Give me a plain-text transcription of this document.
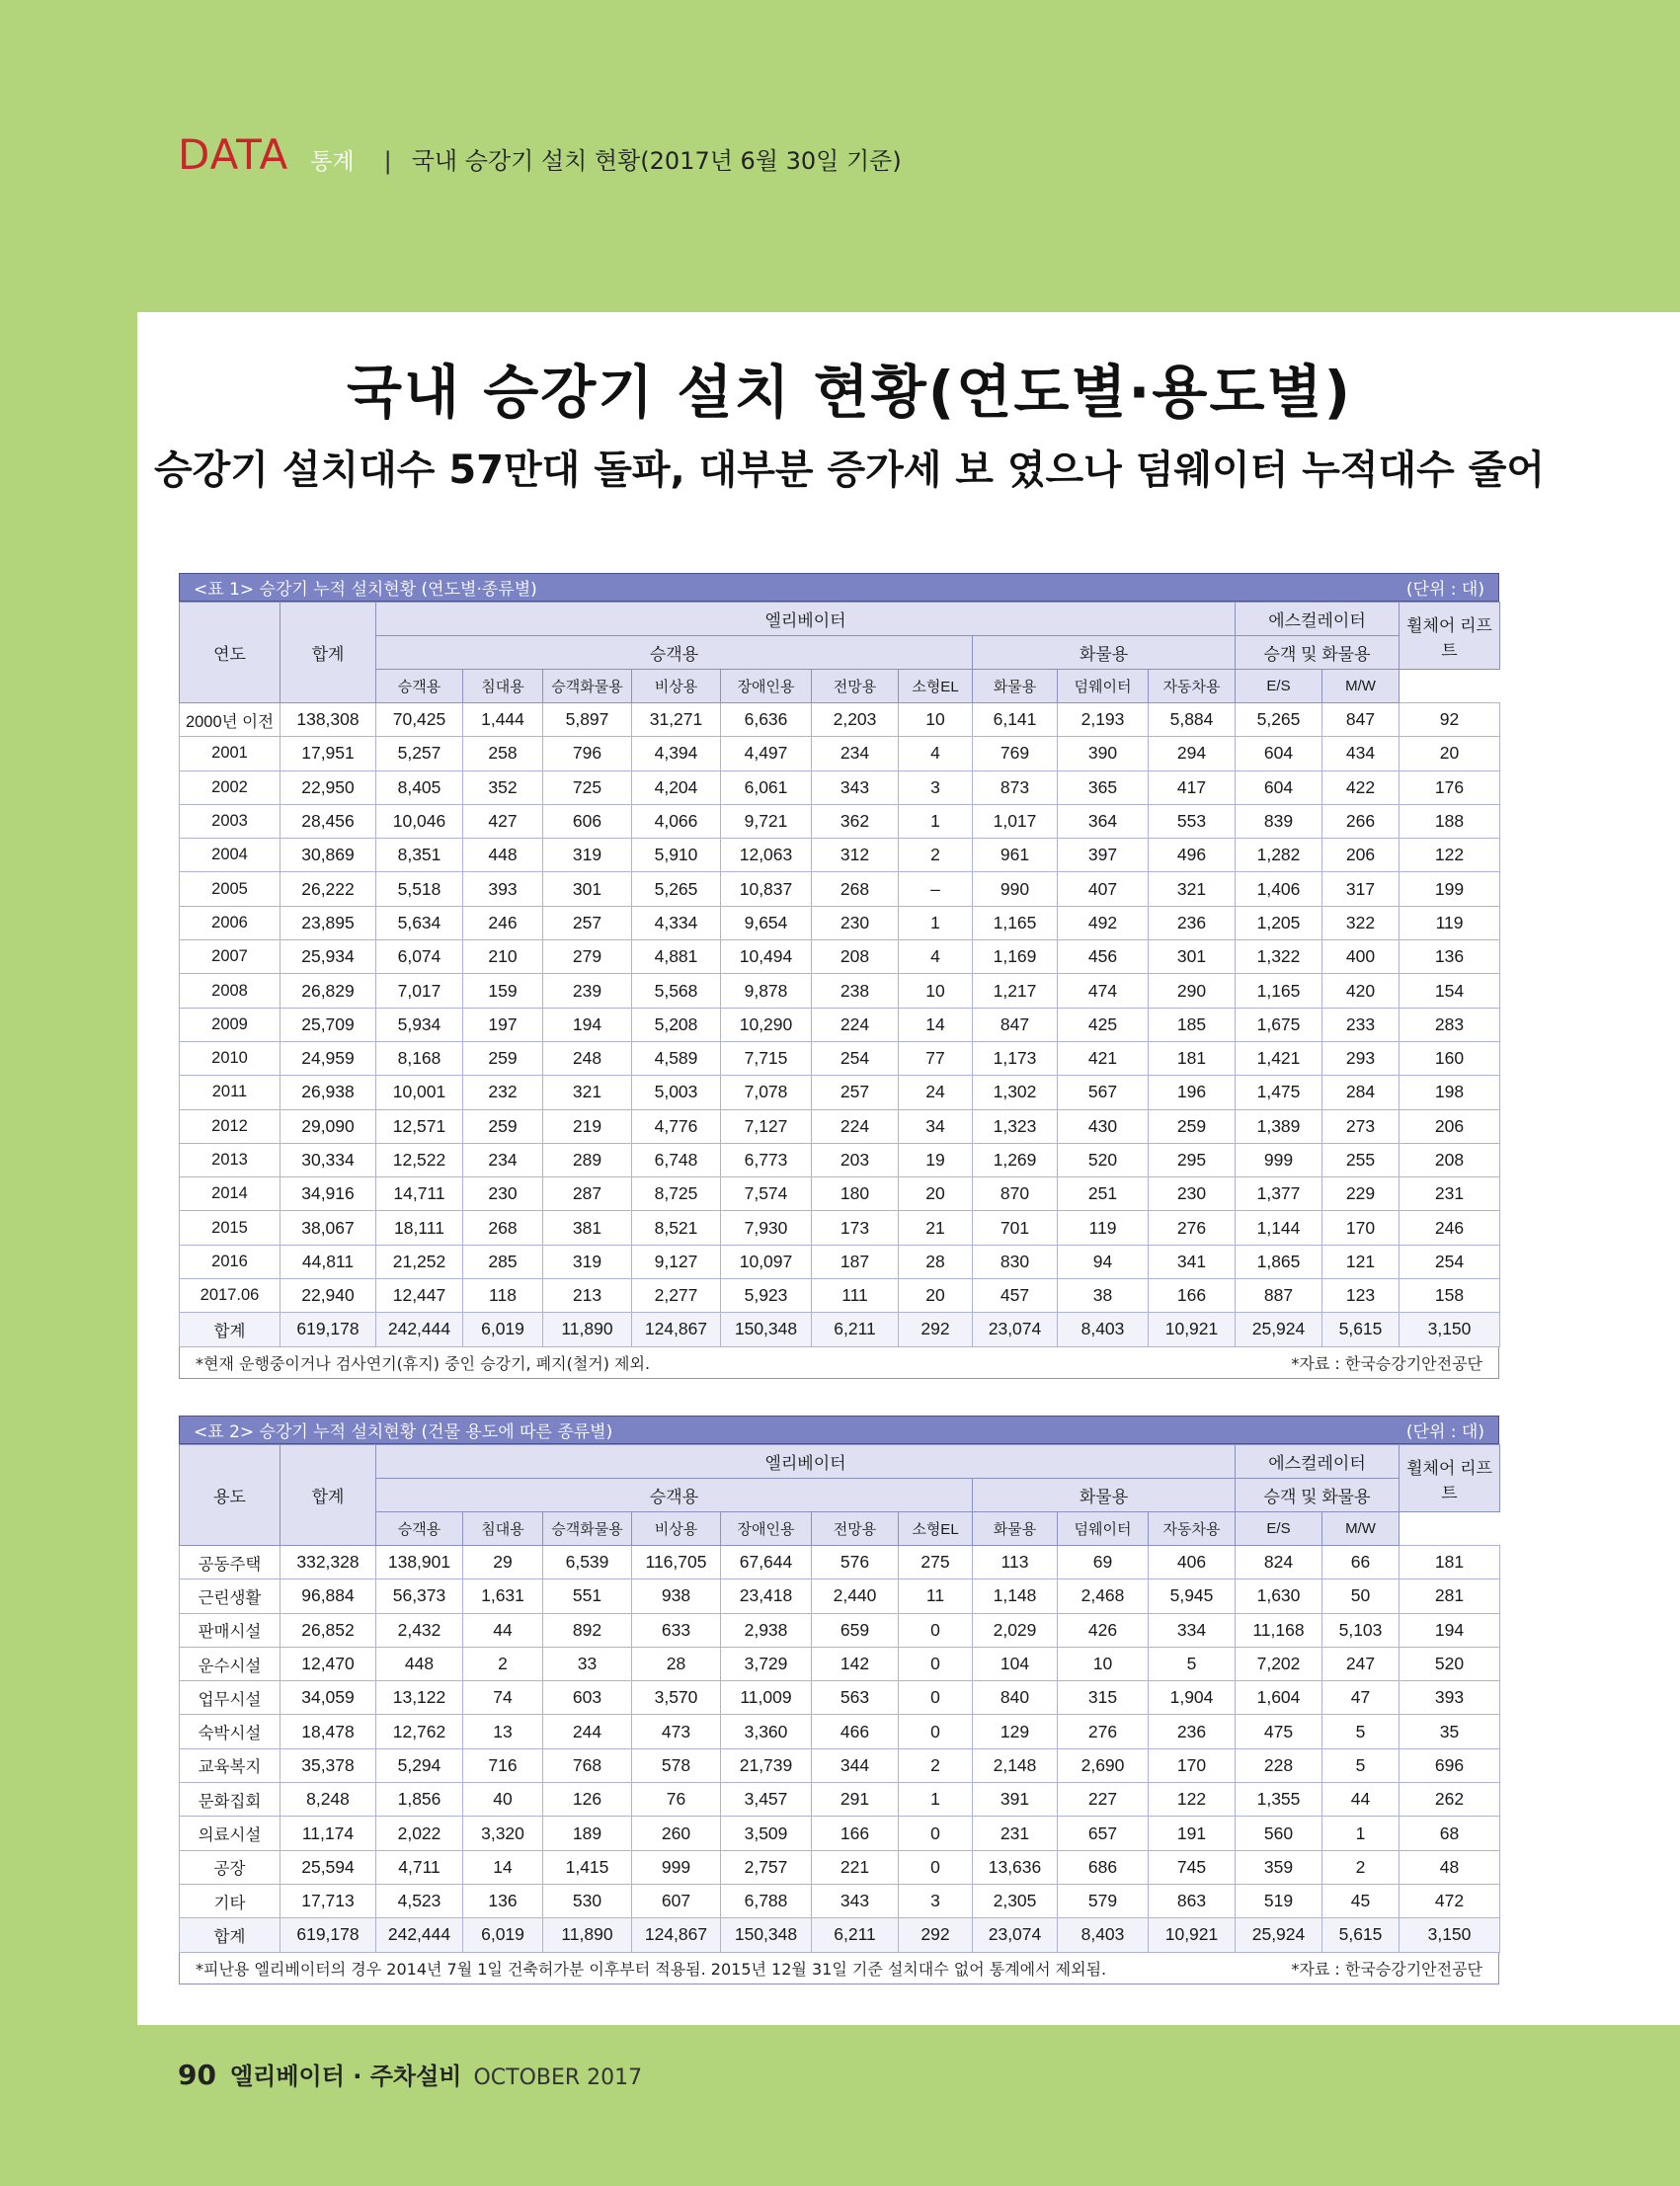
DATA 통계 | 국내 승강기 설치 현황(2017년 6월 30일 기준)
국내 승강기 설치 현황(연도별·용도별)
승강기 설치대수 57만대 돌파, 대부분 증가세 보 였으나 덤웨이터 누적대수 줄어
<표 1> 승강기 누적 설치현황 (연도별·종류별)	(단위 : 대)
연도	합계	엘리베이터										에스컬레이터		휠체어 리프트
		승객용							화물용			승객 및 화물용		
		승객용	침대용	승객화물용	비상용	장애인용	전망용	소형EL	화물용	덤웨이터	자동차용	E/S	M/W	
2000년 이전	138,308	70,425	1,444	5,897	31,271	6,636	2,203	10	6,141	2,193	5,884	5,265	847	92
2001	17,951	5,257	258	796	4,394	4,497	234	4	769	390	294	604	434	20
2002	22,950	8,405	352	725	4,204	6,061	343	3	873	365	417	604	422	176
2003	28,456	10,046	427	606	4,066	9,721	362	1	1,017	364	553	839	266	188
2004	30,869	8,351	448	319	5,910	12,063	312	2	961	397	496	1,282	206	122
2005	26,222	5,518	393	301	5,265	10,837	268	–	990	407	321	1,406	317	199
2006	23,895	5,634	246	257	4,334	9,654	230	1	1,165	492	236	1,205	322	119
2007	25,934	6,074	210	279	4,881	10,494	208	4	1,169	456	301	1,322	400	136
2008	26,829	7,017	159	239	5,568	9,878	238	10	1,217	474	290	1,165	420	154
2009	25,709	5,934	197	194	5,208	10,290	224	14	847	425	185	1,675	233	283
2010	24,959	8,168	259	248	4,589	7,715	254	77	1,173	421	181	1,421	293	160
2011	26,938	10,001	232	321	5,003	7,078	257	24	1,302	567	196	1,475	284	198
2012	29,090	12,571	259	219	4,776	7,127	224	34	1,323	430	259	1,389	273	206
2013	30,334	12,522	234	289	6,748	6,773	203	19	1,269	520	295	999	255	208
2014	34,916	14,711	230	287	8,725	7,574	180	20	870	251	230	1,377	229	231
2015	38,067	18,111	268	381	8,521	7,930	173	21	701	119	276	1,144	170	246
2016	44,811	21,252	285	319	9,127	10,097	187	28	830	94	341	1,865	121	254
2017.06	22,940	12,447	118	213	2,277	5,923	111	20	457	38	166	887	123	158
합계	619,178	242,444	6,019	11,890	124,867	150,348	6,211	292	23,074	8,403	10,921	25,924	5,615	3,150
*현재 운행중이거나 검사연기(휴지) 중인 승강기, 폐지(철거) 제외.	*자료 : 한국승강기안전공단
<표 2> 승강기 누적 설치현황 (건물 용도에 따른 종류별)	(단위 : 대)
용도	합계	엘리베이터										에스컬레이터		휠체어 리프트
		승객용							화물용			승객 및 화물용		
		승객용	침대용	승객화물용	비상용	장애인용	전망용	소형EL	화물용	덤웨이터	자동차용	E/S	M/W	
공동주택	332,328	138,901	29	6,539	116,705	67,644	576	275	113	69	406	824	66	181
근린생활	96,884	56,373	1,631	551	938	23,418	2,440	11	1,148	2,468	5,945	1,630	50	281
판매시설	26,852	2,432	44	892	633	2,938	659	0	2,029	426	334	11,168	5,103	194
운수시설	12,470	448	2	33	28	3,729	142	0	104	10	5	7,202	247	520
업무시설	34,059	13,122	74	603	3,570	11,009	563	0	840	315	1,904	1,604	47	393
숙박시설	18,478	12,762	13	244	473	3,360	466	0	129	276	236	475	5	35
교육복지	35,378	5,294	716	768	578	21,739	344	2	2,148	2,690	170	228	5	696
문화집회	8,248	1,856	40	126	76	3,457	291	1	391	227	122	1,355	44	262
의료시설	11,174	2,022	3,320	189	260	3,509	166	0	231	657	191	560	1	68
공장	25,594	4,711	14	1,415	999	2,757	221	0	13,636	686	745	359	2	48
기타	17,713	4,523	136	530	607	6,788	343	3	2,305	579	863	519	45	472
합계	619,178	242,444	6,019	11,890	124,867	150,348	6,211	292	23,074	8,403	10,921	25,924	5,615	3,150
*피난용 엘리베이터의 경우 2014년 7월 1일 건축허가분 이후부터 적용됨. 2015년 12월 31일 기준 설치대수 없어 통계에서 제외됨.	*자료 : 한국승강기안전공단
90 엘리베이터 · 주차설비 OCTOBER 2017
